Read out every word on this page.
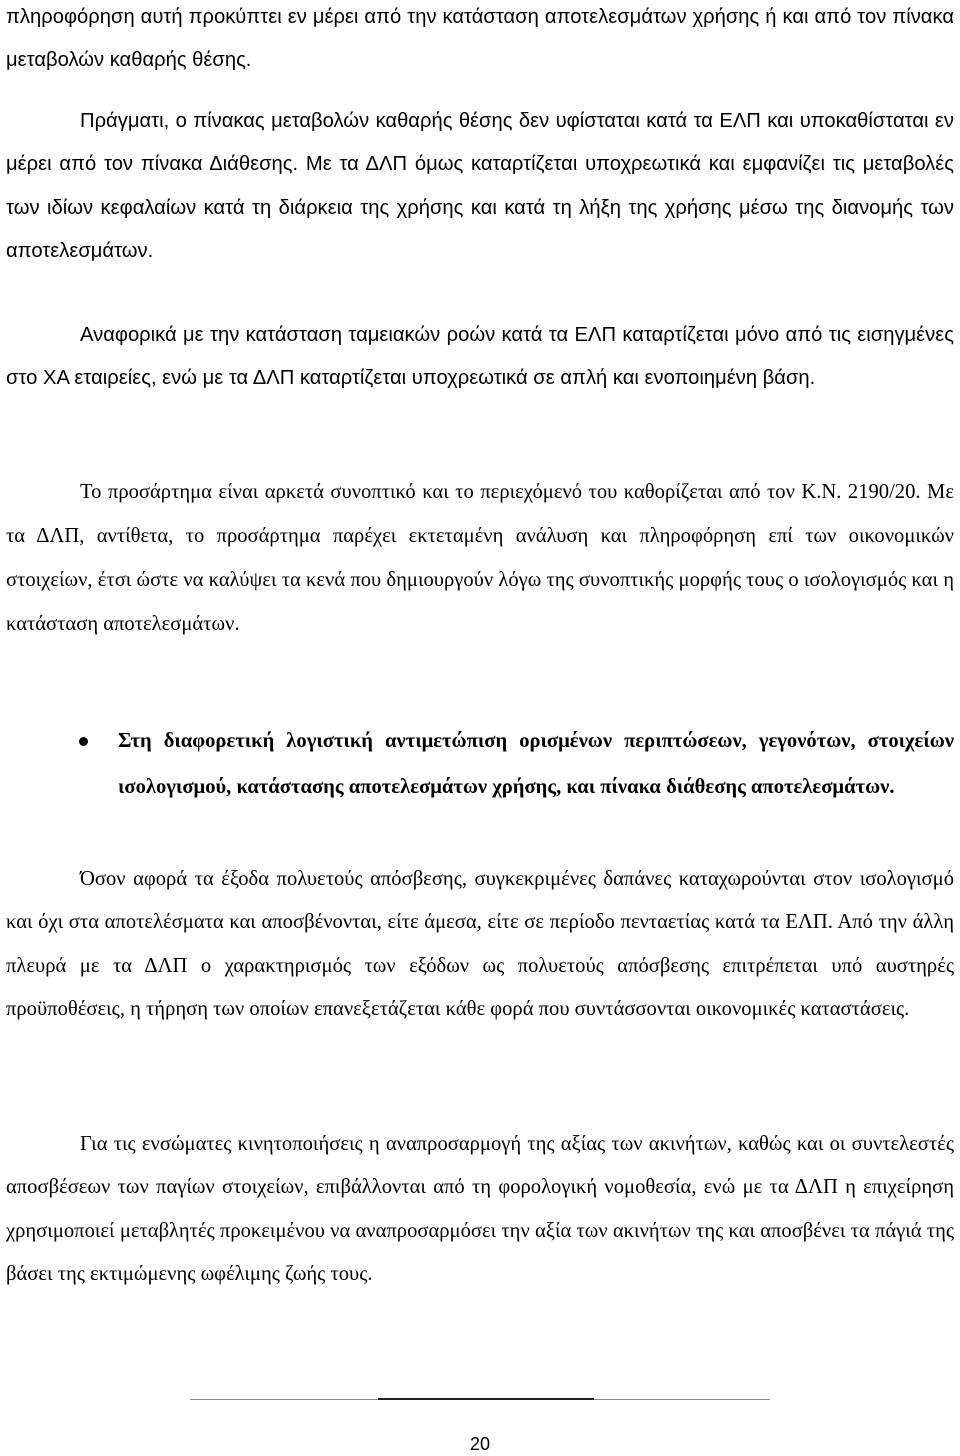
πληροφόρηση αυτή προκύπτει εν μέρει από την κατάσταση αποτελεσμάτων χρήσης ή και από τον πίνακα μεταβολών καθαρής θέσης.

Πράγματι, ο πίνακας μεταβολών καθαρής θέσης δεν υφίσταται κατά τα ΕΛΠ και υποκαθίσταται εν μέρει από τον πίνακα Διάθεσης. Με τα ΔΛΠ όμως καταρτίζεται υποχρεωτικά και εμφανίζει τις μεταβολές των ιδίων κεφαλαίων κατά τη διάρκεια της χρήσης και κατά τη λήξη της χρήσης μέσω της διανομής των αποτελεσμάτων.

Αναφορικά με την κατάσταση ταμειακών ροών κατά τα ΕΛΠ καταρτίζεται μόνο από τις εισηγμένες στο ΧΑ εταιρείες, ενώ με τα ΔΛΠ καταρτίζεται υποχρεωτικά σε απλή και ενοποιημένη βάση.

Το προσάρτημα είναι αρκετά συνοπτικό και το περιεχόμενό του καθορίζεται από τον Κ.Ν. 2190/20. Με τα ΔΛΠ, αντίθετα, το προσάρτημα παρέχει εκτεταμένη ανάλυση και πληροφόρηση επί των οικονομικών στοιχείων, έτσι ώστε να καλύψει τα κενά που δημιουργούν λόγω της συνοπτικής μορφής τους ο ισολογισμός και η κατάσταση αποτελεσμάτων.

Στη διαφορετική λογιστική αντιμετώπιση ορισμένων περιπτώσεων, γεγονότων, στοιχείων ισολογισμού, κατάστασης αποτελεσμάτων χρήσης, και πίνακα διάθεσης αποτελεσμάτων.

Όσον αφορά τα έξοδα πολυετούς απόσβεσης, συγκεκριμένες δαπάνες καταχωρούνται στον ισολογισμό και όχι στα αποτελέσματα και αποσβένονται, είτε άμεσα, είτε σε περίοδο πενταετίας κατά τα ΕΛΠ. Από την άλλη πλευρά με τα ΔΛΠ ο χαρακτηρισμός των εξόδων ως πολυετούς απόσβεσης επιτρέπεται υπό αυστηρές προϋποθέσεις, η τήρηση των οποίων επανεξετάζεται κάθε φορά που συντάσσονται οικονομικές καταστάσεις.

Για τις ενσώματες κινητοποιήσεις η αναπροσαρμογή της αξίας των ακινήτων, καθώς και οι συντελεστές αποσβέσεων των παγίων στοιχείων, επιβάλλονται από τη φορολογική νομοθεσία, ενώ με τα ΔΛΠ η επιχείρηση χρησιμοποιεί μεταβλητές προκειμένου να αναπροσαρμόσει την αξία των ακινήτων της και αποσβένει τα πάγιά της βάσει της εκτιμώμενης ωφέλιμης ζωής τους.

20
